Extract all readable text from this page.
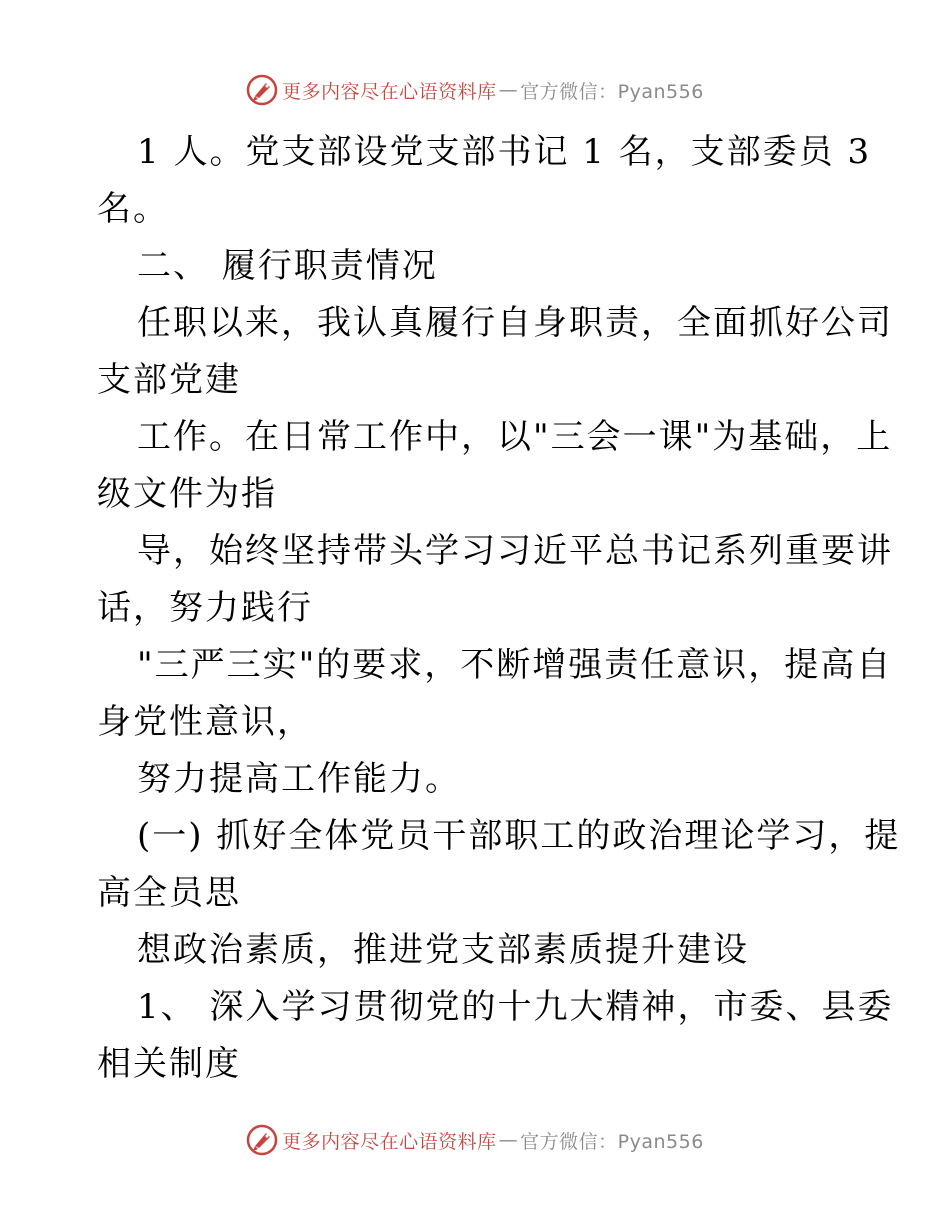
更多内容尽在心语资料库 — 官方微信：Pyan556
1 人。党支部设党支部书记 1 名，支部委员 3
名。
二、 履行职责情况
任职以来，我认真履行自身职责，全面抓好公司
支部党建
工作。在日常工作中，以"三会一课"为基础，上
级文件为指
导，始终坚持带头学习习近平总书记系列重要讲
话，努力践行
"三严三实"的要求，不断增强责任意识，提高自
身党性意识，
努力提高工作能力。
(一) 抓好全体党员干部职工的政治理论学习，提
高全员思
想政治素质，推进党支部素质提升建设
1、 深入学习贯彻党的十九大精神，市委、县委
相关制度
更多内容尽在心语资料库 — 官方微信：Pyan556
